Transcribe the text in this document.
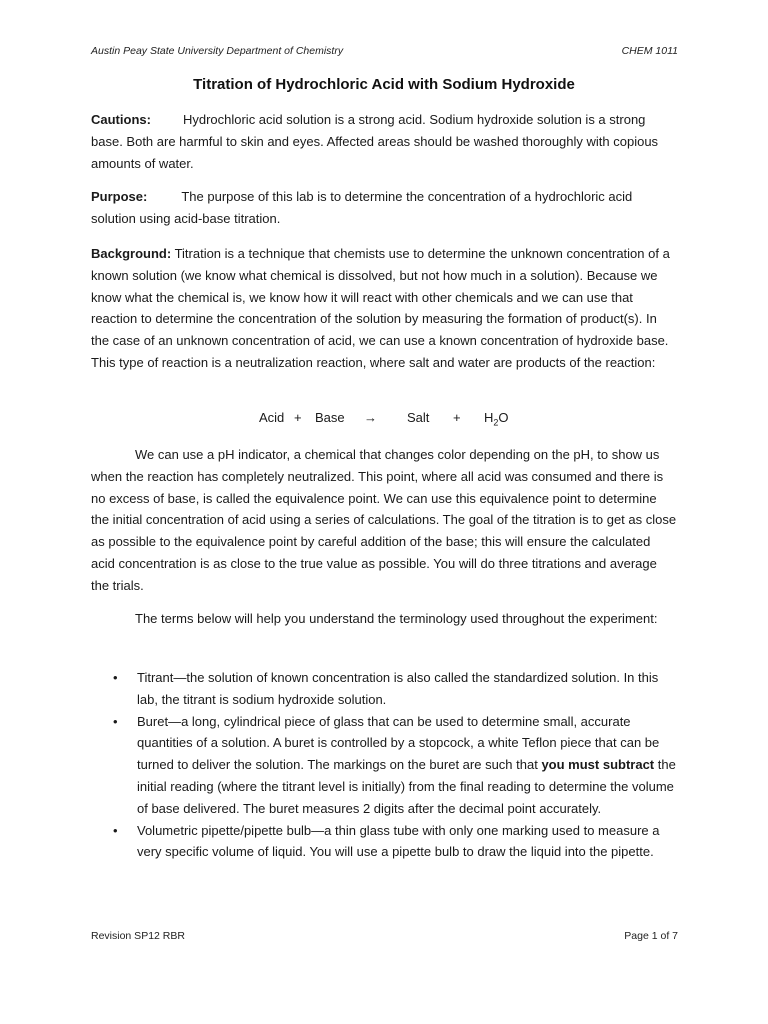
Austin Peay State University Department of Chemistry	CHEM 1011
Titration of Hydrochloric Acid with Sodium Hydroxide

Cautions: Hydrochloric acid solution is a strong acid. Sodium hydroxide solution is a strong base. Both are harmful to skin and eyes. Affected areas should be washed thoroughly with copious amounts of water.

Purpose:	The purpose of this lab is to determine the concentration of a hydrochloric acid solution using acid-base titration.

Background: Titration is a technique that chemists use to determine the unknown concentration of a known solution (we know what chemical is dissolved, but not how much in a solution). Because we know what the chemical is, we know how it will react with other chemicals and we can use that reaction to determine the concentration of the solution by measuring the formation of product(s). In the case of an unknown concentration of acid, we can use a known concentration of hydroxide base. This type of reaction is a neutralization reaction, where salt and water are products of the reaction:

Acid + Base → Salt + $H_2O$

We can use a pH indicator, a chemical that changes color depending on the pH, to show us when the reaction has completely neutralized. This point, where all acid was consumed and there is no excess of base, is called the equivalence point. We can use this equivalence point to determine the initial concentration of acid using a series of calculations. The goal of the titration is to get as close as possible to the equivalence point by careful addition of the base; this will ensure the calculated acid concentration is as close to the true value as possible. You will do three titrations and average the trials.

The terms below will help you understand the terminology used throughout the experiment:

• Titrant—the solution of known concentration is also called the standardized solution. In this lab, the titrant is sodium hydroxide solution.
• Buret—a long, cylindrical piece of glass that can be used to determine small, accurate quantities of a solution. A buret is controlled by a stopcock, a white Teflon piece that can be turned to deliver the solution. The markings on the buret are such that you must subtract the initial reading (where the titrant level is initially) from the final reading to determine the volume of base delivered. The buret measures 2 digits after the decimal point accurately.
• Volumetric pipette/pipette bulb—a thin glass tube with only one marking used to measure a very specific volume of liquid. You will use a pipette bulb to draw the liquid into the pipette.
Revision SP12 RBR	Page 1 of 7
